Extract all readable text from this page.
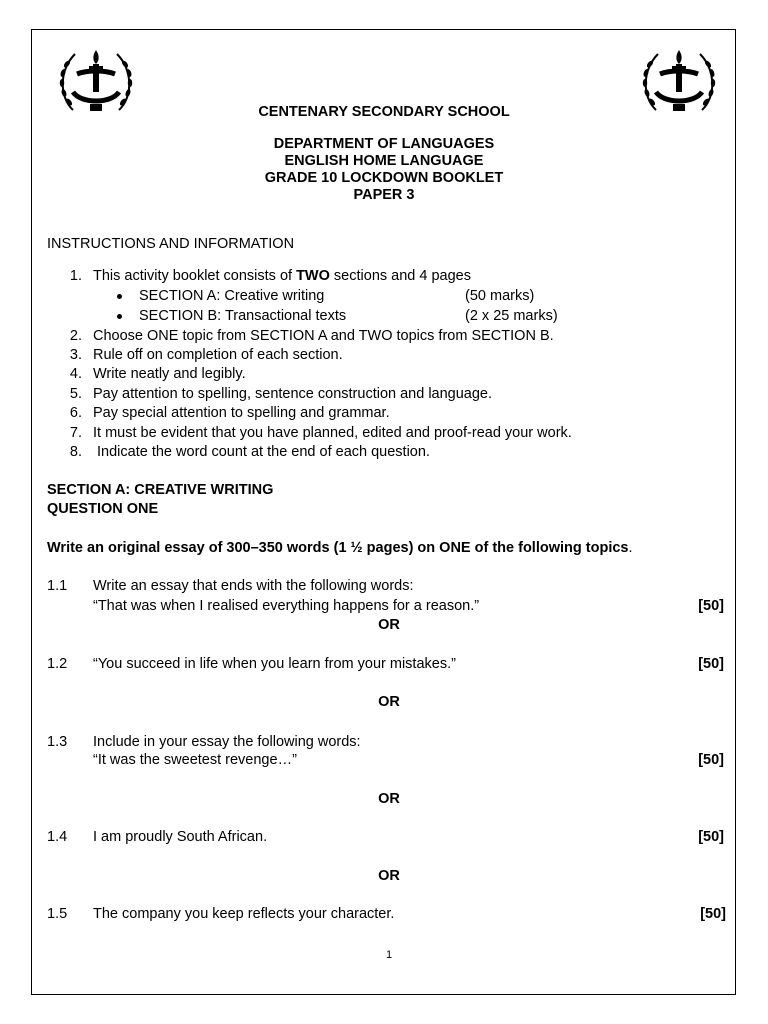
CENTENARY SECONDARY SCHOOL
DEPARTMENT OF LANGUAGES
ENGLISH HOME LANGUAGE
GRADE 10 LOCKDOWN BOOKLET
PAPER 3
INSTRUCTIONS AND INFORMATION
1. This activity booklet consists of TWO sections and 4 pages
SECTION A: Creative writing	(50 marks)
SECTION B: Transactional texts	(2 x 25 marks)
2. Choose ONE topic from SECTION A and TWO topics from SECTION B.
3. Rule off on completion of each section.
4. Write neatly and legibly.
5. Pay attention to spelling, sentence construction and language.
6. Pay special attention to spelling and grammar.
7. It must be evident that you have planned, edited and proof-read your work.
8. Indicate the word count at the end of each question.
SECTION A: CREATIVE WRITING
QUESTION ONE
Write an original essay of 300–350 words (1 ½ pages) on ONE of the following topics.
1.1 Write an essay that ends with the following words:
“That was when I realised everything happens for a reason.”	[50]
OR
1.2 “You succeed in life when you learn from your mistakes.”	[50]
OR
1.3 Include in your essay the following words:
“It was the sweetest revenge…”	[50]
OR
1.4 I am proudly South African.	[50]
OR
1.5 The company you keep reflects your character.	[50]
1
